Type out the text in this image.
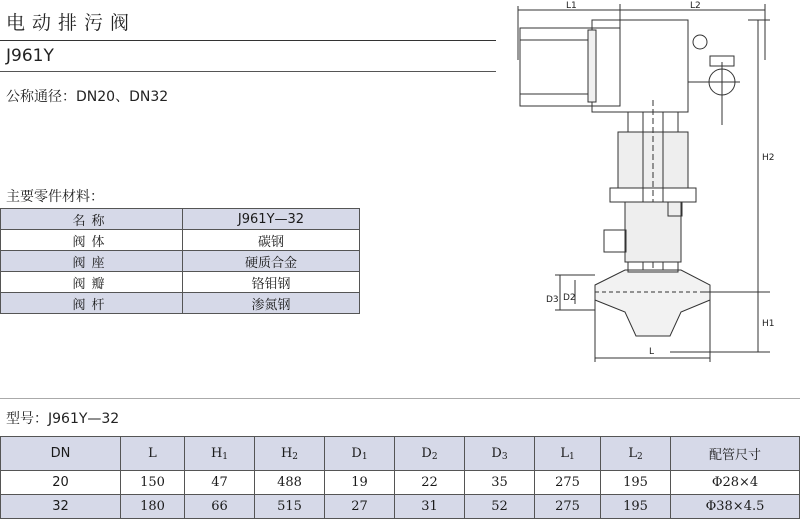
电动排污阀
J961Y
公称通径：DN20、DN32
主要零件材料：
名称	J961Y—32
阀体	碳钢
阀座	硬质合金
阀瓣	铬钼钢
阀杆	渗氮钢
L1	L2
H2
H1
D3 D2
L
型号：J961Y—32
DN	L	$H_1$	$H_2$	$D_1$	$D_2$	$D_3$	$L_1$	$L_2$	配管尺寸
20	150	47	488	19	22	35	275	195	Φ28×4
32	180	66	515	27	31	52	275	195	Φ38×4.5
